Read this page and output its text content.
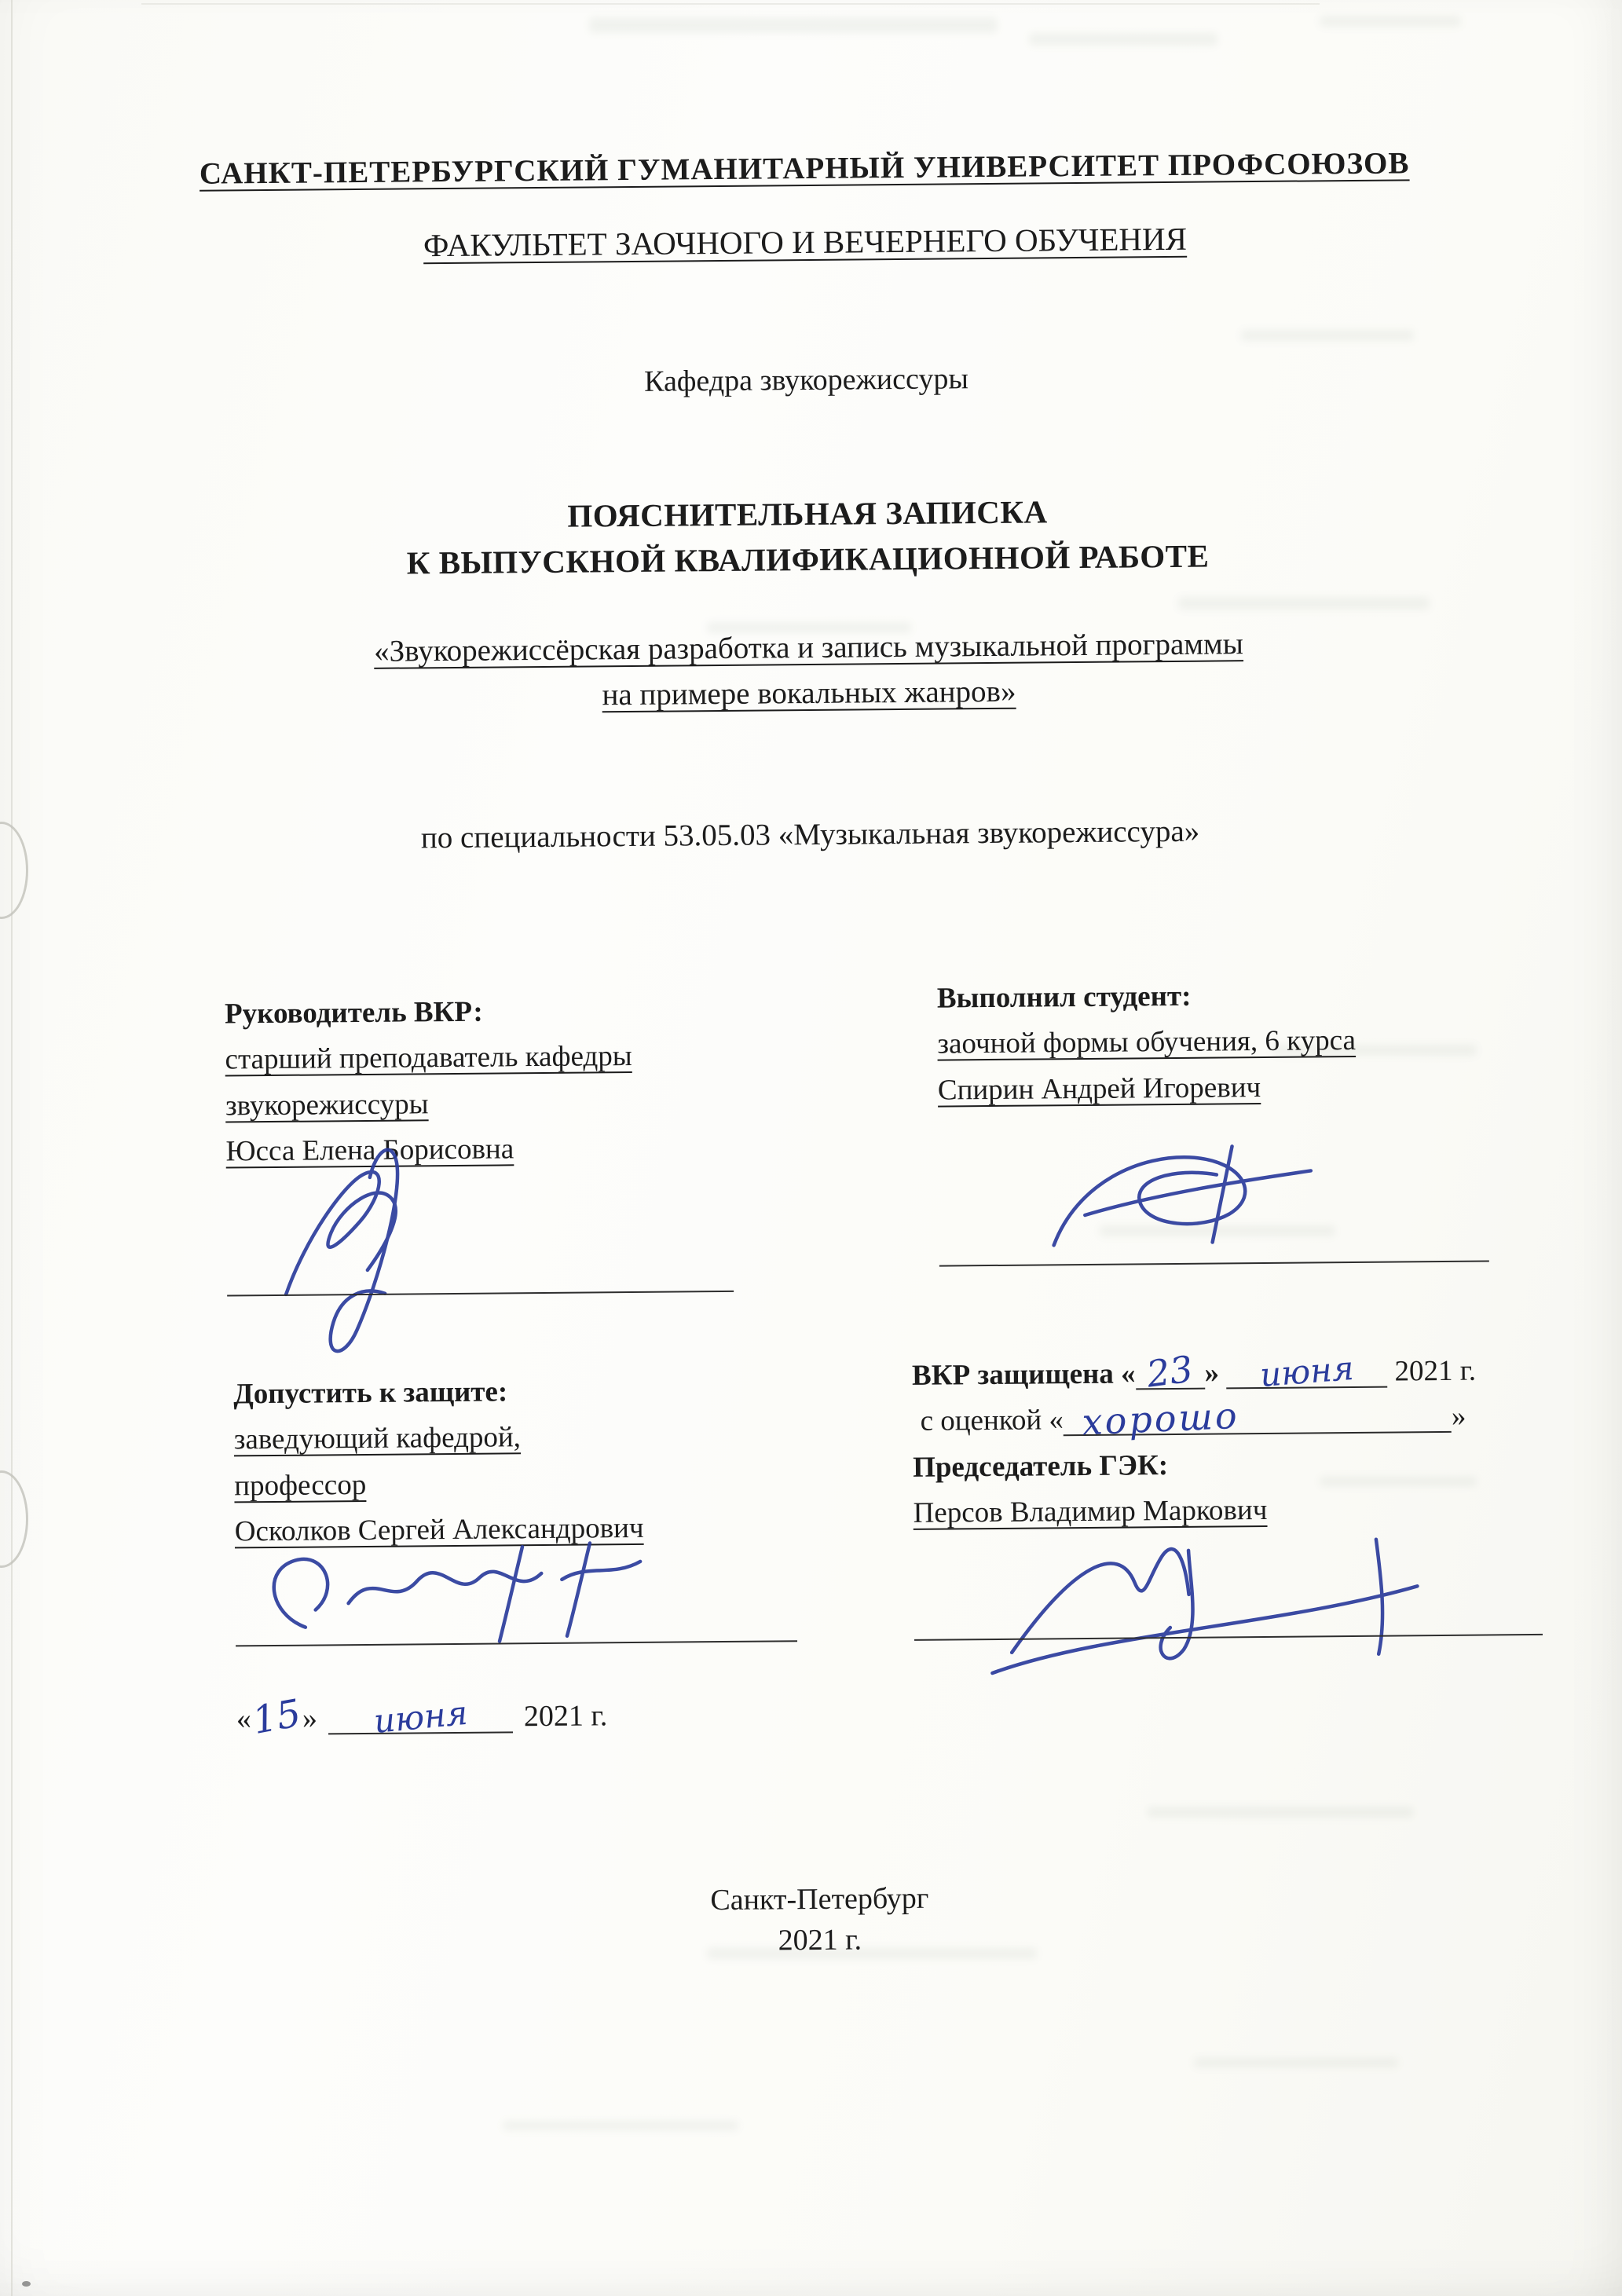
САНКТ-ПЕТЕРБУРГСКИЙ ГУМАНИТАРНЫЙ УНИВЕРСИТЕТ ПРОФСОЮЗОВ
ФАКУЛЬТЕТ ЗАОЧНОГО И ВЕЧЕРНЕГО ОБУЧЕНИЯ
Кафедра звукорежиссуры
ПОЯСНИТЕЛЬНАЯ ЗАПИСКА
К ВЫПУСКНОЙ КВАЛИФИКАЦИОННОЙ РАБОТЕ
«Звукорежиссёрская разработка и запись музыкальной программы
на примере вокальных жанров»
по специальности 53.05.03 «Музыкальная звукорежиссура»
Руководитель ВКР:
старший преподаватель кафедры
звукорежиссуры
Юсса Елена Борисовна
Выполнил студент:
заочной формы обучения, 6 курса
Спирин Андрей Игоревич
Допустить к защите:
заведующий кафедрой,
профессор
Осколков Сергей Александрович
ВКР защищена « 23 » июня 2021 г.
с оценкой « хорошо	»
Председатель ГЭК:
Персов Владимир Маркович
«15» июня 2021 г.
Санкт-Петербург
2021 г.
